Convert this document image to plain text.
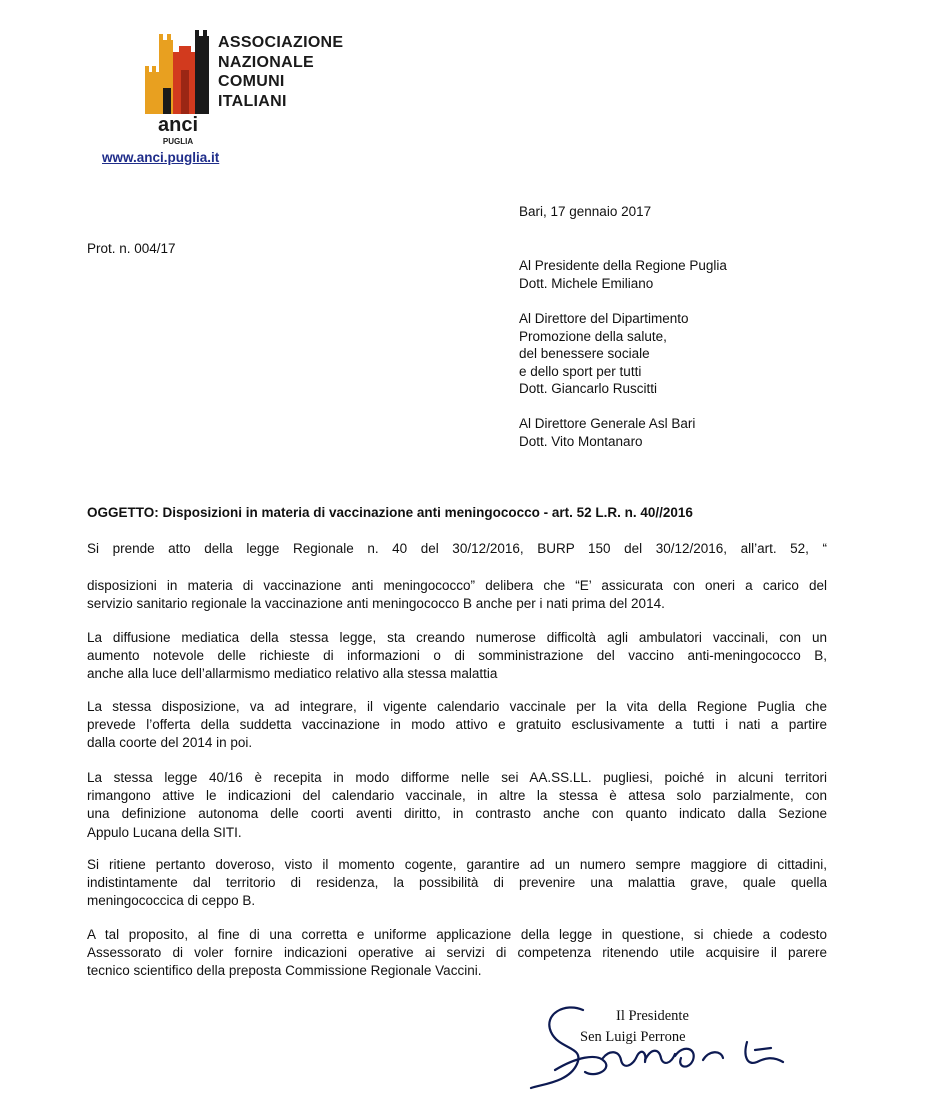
anci
PUGLIA
ASSOCIAZIONE
NAZIONALE
COMUNI
ITALIANI
www.anci.puglia.it
Bari, 17 gennaio 2017
Prot. n. 004/17
Al Presidente della Regione Puglia
Dott. Michele Emiliano
Al Direttore del Dipartimento
Promozione della salute,
del benessere sociale
e dello sport per tutti
Dott. Giancarlo Ruscitti
Al Direttore Generale Asl Bari
Dott. Vito Montanaro
OGGETTO: Disposizioni in materia di vaccinazione anti meningococco - art. 52 L.R. n. 40//2016
Si prende atto della legge Regionale n. 40 del 30/12/2016, BURP 150 del 30/12/2016, all’art. 52, “
disposizioni in materia di vaccinazione anti meningococco” delibera che “E’ assicurata con oneri a carico del
servizio sanitario regionale la vaccinazione anti meningococco B anche per i nati prima del 2014.
La diffusione mediatica della stessa legge, sta creando numerose difficoltà agli ambulatori vaccinali, con un
aumento notevole delle richieste di informazioni o di somministrazione del vaccino anti-meningococco B,
anche alla luce dell’allarmismo mediatico relativo alla stessa malattia
La stessa disposizione, va ad integrare, il vigente calendario vaccinale per la vita della Regione Puglia che
prevede l’offerta della suddetta vaccinazione in modo attivo e gratuito esclusivamente a tutti i nati a partire
dalla coorte del 2014 in poi.
La stessa legge 40/16 è recepita in modo difforme nelle sei AA.SS.LL. pugliesi, poiché in alcuni territori
rimangono attive le indicazioni del calendario vaccinale, in altre la stessa è attesa solo parzialmente, con
una definizione autonoma delle coorti aventi diritto, in contrasto anche con quanto indicato dalla Sezione
Appulo Lucana della SITI.
Si ritiene pertanto doveroso, visto il momento cogente, garantire ad un numero sempre maggiore di cittadini,
indistintamente dal territorio di residenza, la possibilità di prevenire una malattia grave, quale quella
meningococcica di ceppo B.
A tal proposito, al fine di una corretta e uniforme applicazione della legge in questione, si chiede a codesto
Assessorato di voler fornire indicazioni operative ai servizi di competenza ritenendo utile acquisire il parere
tecnico scientifico della preposta Commissione Regionale Vaccini.
Il Presidente
Sen Luigi Perrone
